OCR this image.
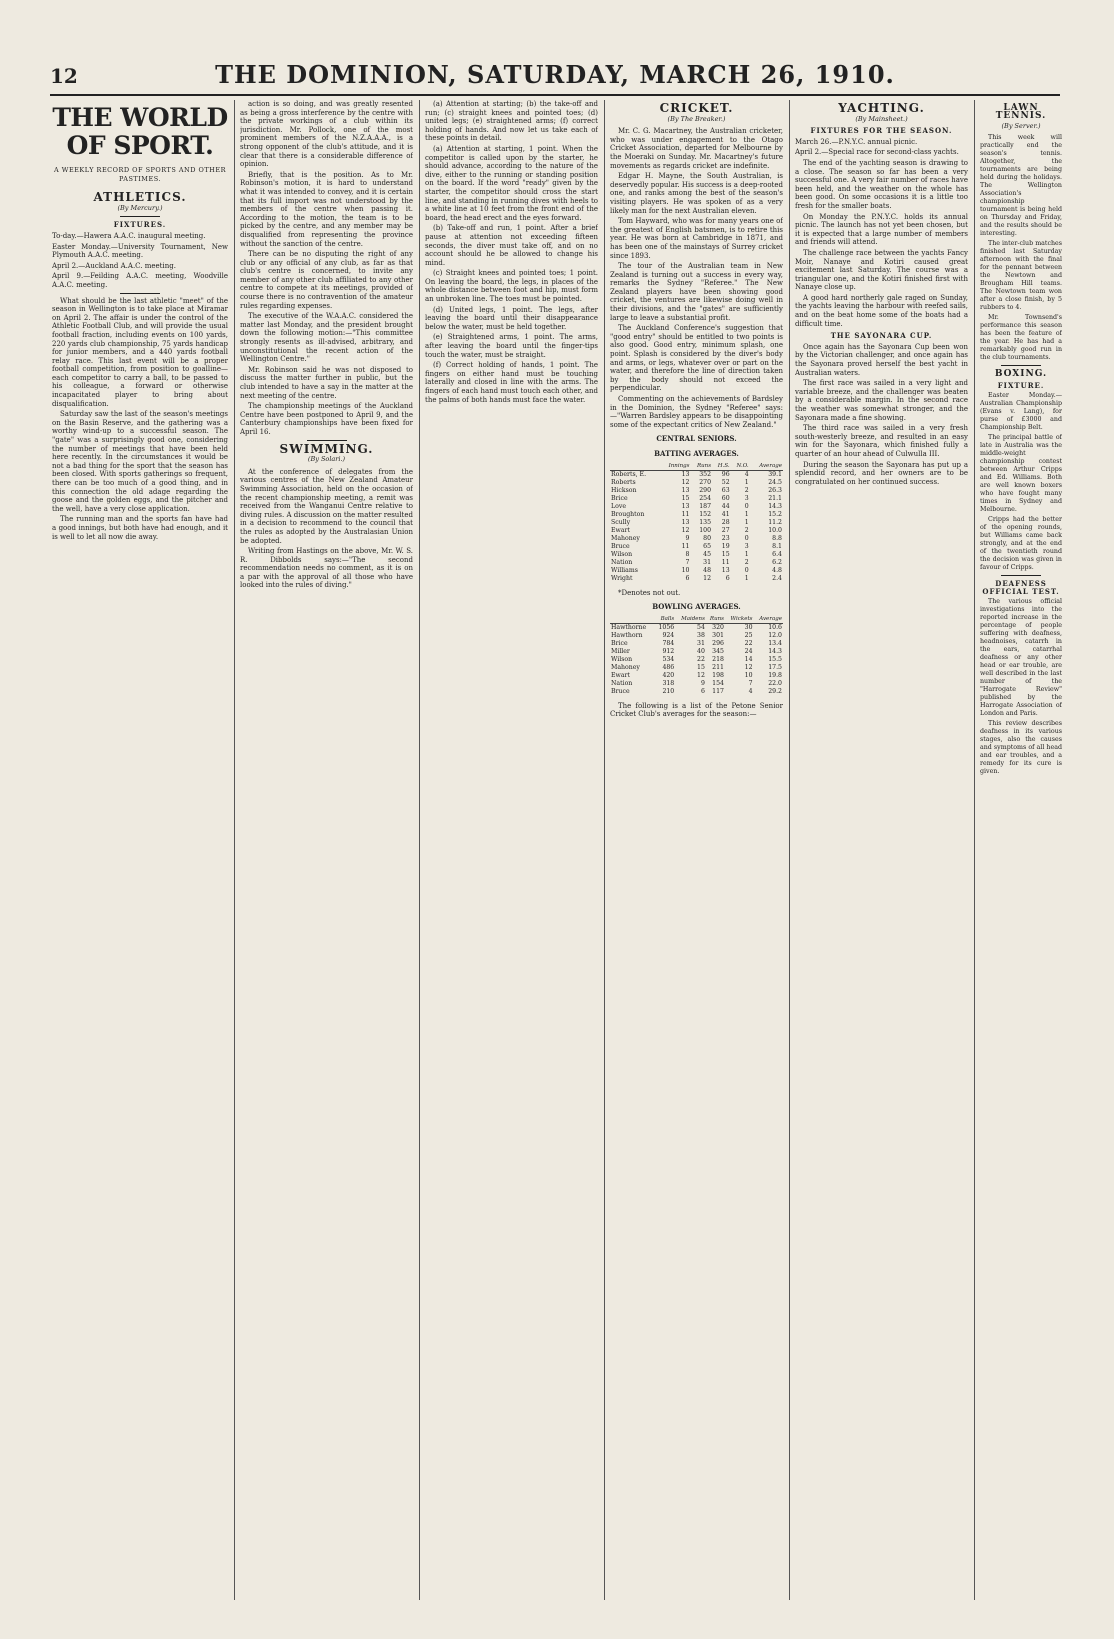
12	THE DOMINION, SATURDAY, MARCH 26, 1910.
THE WORLD OF SPORT.
A WEEKLY RECORD OF SPORTS AND OTHER PASTIMES.
ATHLETICS.
( By Mercury. )
FIXTURES.

To-day.—Hawera A.A.C. inaugural meeting.

Easter Monday.—University Tournament, New Plymouth A.A.C. meeting.

April 2.—Auckland A.A.C. meeting.

April 9.—Feilding A.A.C. meeting, Woodville A.A.C. meeting.

What should be the last athletic "meet" of the season in Wellington is to take place at Miramar on April 2. The affair is under the control of the Athletic Football Club, and will provide the usual football fraction, including events on 100 yards, 220 yards club championship, 75 yards handicap for junior members, and a 440 yards football relay race. This last event will be a proper football competition, from position to goalline—each competitor to carry a ball, to be passed to his colleague, a forward or otherwise incapacitated player to bring about disqualification.

Saturday saw the last of the season's meetings on the Basin Reserve, and the gathering was a worthy wind-up to a successful season. The "gate" was a surprisingly good one, considering the number of meetings that have been held here recently. In the circumstances it would be not a bad thing for the sport that the season has been closed. With sports gatherings so frequent, there can be too much of a good thing, and in this connection the old adage regarding the goose and the golden eggs, and the pitcher and the well, have a very close application.

The running man and the sports fan have had a good innings, but both have had enough, and it is well to let all now die away.

action is so doing, and was greatly resented as being a gross interference by the centre with the private workings of a club within its jurisdiction. Mr. Pollock, one of the most prominent members of the N.Z.A.A.A., is a strong opponent of the club's attitude, and it is clear that there is a considerable difference of opinion.

Briefly, that is the position. As to Mr. Robinson's motion, it is hard to understand what it was intended to convey, and it is certain that its full import was not understood by the members of the centre when passing it. According to the motion, the team is to be picked by the centre, and any member may be disqualified from representing the province without the sanction of the centre.

There can be no disputing the right of any club or any official of any club, as far as that club's centre is concerned, to invite any member of any other club affiliated to any other centre to compete at its meetings, provided of course there is no contravention of the amateur rules regarding expenses.

The executive of the W.A.A.C. considered the matter last Monday, and the president brought down the following motion:—"This committee strongly resents as ill-advised, arbitrary, and unconstitutional the recent action of the Wellington Centre."

Mr. Robinson said he was not disposed to discuss the matter further in public, but the club intended to have a say in the matter at the next meeting of the centre.

The championship meetings of the Auckland Centre have been postponed to April 9, and the Canterbury championships have been fixed for April 16.

SWIMMING.
( By Solari. )

At the conference of delegates from the various centres of the New Zealand Amateur Swimming Association, held on the occasion of the recent championship meeting, a remit was received from the Wanganui Centre relative to diving rules. A discussion on the matter resulted in a decision to recommend to the council that the rules as adopted by the Australasian Union be adopted.

Writing from Hastings on the above, Mr. W. S. R. Dibbolds says:—"The second recommendation needs no comment, as it is on a par with the approval of all those who have looked into the rules of diving."

(a) Attention at starting; (b) the take-off and run; (c) straight knees and pointed toes; (d) united legs; (e) straightened arms; (f) correct holding of hands. And now let us take each of these points in detail.

(a) Attention at starting, 1 point. When the competitor is called upon by the starter, he should advance, according to the nature of the dive, either to the running or standing position on the board. If the word "ready" given by the starter, the competitor should cross the start line, and standing in running dives with heels to a white line at 10 feet from the front end of the board, the head erect and the eyes forward.

(b) Take-off and run, 1 point. After a brief pause at attention not exceeding fifteen seconds, the diver must take off, and on no account should he be allowed to change his mind.

(c) Straight knees and pointed toes; 1 point. On leaving the board, the legs, in places of the whole distance between foot and hip, must form an unbroken line. The toes must be pointed.

(d) United legs, 1 point. The legs, after leaving the board until their disappearance below the water, must be held together.

(e) Straightened arms, 1 point. The arms, after leaving the board until the finger-tips touch the water, must be straight.

(f) Correct holding of hands, 1 point. The fingers on either hand must be touching laterally and closed in line with the arms. The fingers of each hand must touch each other, and the palms of both hands must face the water.

CRICKET.
( By The Breaker. )

Mr. C. G. Macartney, the Australian cricketer, who was under engagement to the Otago Cricket Association, departed for Melbourne by the Moeraki on Sunday. Mr. Macartney's future movements as regards cricket are indefinite.

Edgar H. Mayne, the South Australian, is deservedly popular. His success is a deep-rooted one, and ranks among the best of the season's visiting players. He was spoken of as a very likely man for the next Australian eleven.

Tom Hayward, who was for many years one of the greatest of English batsmen, is to retire this year. He was born at Cambridge in 1871, and has been one of the mainstays of Surrey cricket since 1893.

The tour of the Australian team in New Zealand is turning out a success in every way, remarks the Sydney "Referee." The New Zealand players have been showing good cricket, the ventures are likewise doing well in their divisions, and the "gates" are sufficiently large to leave a substantial profit.

The Auckland Conference's suggestion that "good entry" should be entitled to two points is also good. Good entry, minimum splash, one point. Splash is considered by the diver's body and arms, or legs, whatever over or part on the water, and therefore the line of direction taken by the body should not exceed the perpendicular.

Commenting on the achievements of Bardsley in the Dominion, the Sydney "Referee" says:—"Warren Bardsley appears to be disappointing some of the expectant critics of New Zealand."

CENTRAL SENIORS.
BATTING AVERAGES.
	Innings	Runs	H.S.	N.O.	Average
Roberts, E.	13	352	96	4	39.1
Roberts	12	270	52	1	24.5
Hickson	13	290	63	2	26.3
Brice	15	254	60	3	21.1
Love	13	187	44	0	14.3
Broughton	11	152	41	1	15.2
Scully	13	135	28	1	11.2
Ewart	12	100	27	2	10.0
Mahoney	9	80	23	0	8.8
Bruce	11	65	19	3	8.1
Wilson	8	45	15	1	6.4
Nation	7	31	11	2	6.2
Williams	10	48	13	0	4.8
Wright	6	12	6	1	2.4

*Denotes not out.

BOWLING AVERAGES.
	Balls	Maidens	Runs	Wickets	Average
Hawthorne	1056	54	320	30	10.6
Hawthorn	924	38	301	25	12.0
Brice	784	31	296	22	13.4
Miller	912	40	345	24	14.3
Wilson	534	22	218	14	15.5
Mahoney	486	15	211	12	17.5
Ewart	420	12	198	10	19.8
Nation	318	9	154	7	22.0
Bruce	210	6	117	4	29.2

The following is a list of the Petone Senior Cricket Club's averages for the season:—

YACHTING.
( By Mainsheet. )
FIXTURES FOR THE SEASON.

March 26.—P.N.Y.C. annual picnic.

April 2.—Special race for second-class yachts.

The end of the yachting season is drawing to a close. The season so far has been a very successful one. A very fair number of races have been held, and the weather on the whole has been good. On some occasions it is a little too fresh for the smaller boats.

On Monday the P.N.Y.C. holds its annual picnic. The launch has not yet been chosen, but it is expected that a large number of members and friends will attend.

The challenge race between the yachts Fancy Moir, Nanaye and Kotiri caused great excitement last Saturday. The course was a triangular one, and the Kotiri finished first with Nanaye close up.

A good hard northerly gale raged on Sunday, the yachts leaving the harbour with reefed sails, and on the beat home some of the boats had a difficult time.

THE SAYONARA CUP.

Once again has the Sayonara Cup been won by the Victorian challenger, and once again has the Sayonara proved herself the best yacht in Australian waters.

The first race was sailed in a very light and variable breeze, and the challenger was beaten by a considerable margin. In the second race the weather was somewhat stronger, and the Sayonara made a fine showing.

The third race was sailed in a very fresh south-westerly breeze, and resulted in an easy win for the Sayonara, which finished fully a quarter of an hour ahead of Culwulla III.

During the season the Sayonara has put up a splendid record, and her owners are to be congratulated on her continued success.

LAWN TENNIS.
( By Server. )

This week will practically end the season's tennis. Altogether, the tournaments are being held during the holidays. The Wellington Association's championship tournament is being held on Thursday and Friday, and the results should be interesting.

The inter-club matches finished last Saturday afternoon with the final for the pennant between the Newtown and Brougham Hill teams. The Newtown team won after a close finish, by 5 rubbers to 4.

Mr. Townsend's performance this season has been the feature of the year. He has had a remarkably good run in the club tournaments.

BOXING.
FIXTURE.

Easter Monday.—Australian Championship (Evans v. Lang), for purse of £3000 and Championship Belt.

The principal battle of late in Australia was the middle-weight championship contest between Arthur Cripps and Ed. Williams. Both are well known boxers who have fought many times in Sydney and Melbourne.

Cripps had the better of the opening rounds, but Williams came back strongly, and at the end of the twentieth round the decision was given in favour of Cripps.

DEAFNESS OFFICIAL TEST.

The various official investigations into the reported increase in the percentage of people suffering with deafness, headnoises, catarrh in the ears, catarrhal deafness or any other head or ear trouble, are well described in the last number of the "Harrogate Review" published by the Harrogate Association of London and Paris.

This review describes deafness in its various stages, also the causes and symptoms of all head and ear troubles, and a remedy for its cure is given.
